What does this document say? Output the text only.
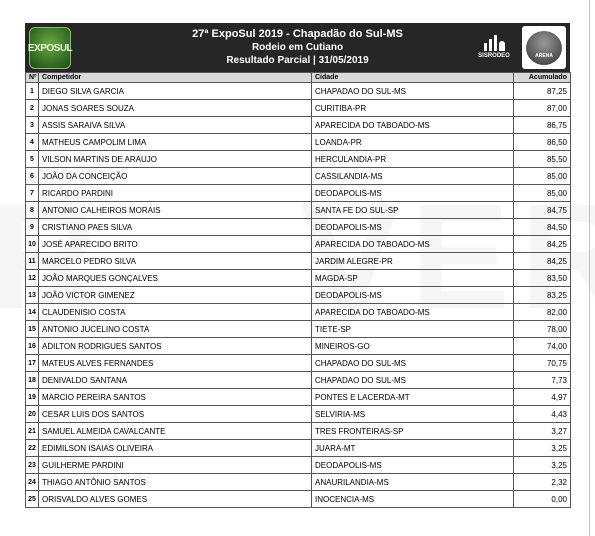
EXPOSUL
27ª ExpoSul 2019 - Chapadão do Sul-MS
Rodeio em Cutiano
Resultado Parcial | 31/05/2019	SISRODEO	ARENA
Nº	Competidor	Cidade	Acumulado
1	DIEGO SILVA GARCIA	CHAPADAO DO SUL-MS	87,25
2	JONAS SOARES SOUZA	CURITIBA-PR	87,00
3	ASSIS SARAIVA SILVA	APARECIDA DO TABOADO-MS	86,75
4	MATHEUS CAMPOLIM LIMA	LOANDA-PR	86,50
5	VILSON MARTINS DE ARAUJO	HERCULANDIA-PR	85,50
6	JOÃO DA CONCEIÇÃO	CASSILANDIA-MS	85,00
7	RICARDO PARDINI	DEODAPOLIS-MS	85,00
8	ANTONIO CALHEIROS MORAIS	SANTA FE DO SUL-SP	84,75
9	CRISTIANO PAES SILVA	DEODAPOLIS-MS	84,50
10	JOSÉ APARECIDO BRITO	APARECIDA DO TABOADO-MS	84,25
11	MARCELO PEDRO SILVA	JARDIM ALEGRE-PR	84,25
12	JOÃO MARQUES GONÇALVES	MAGDA-SP	83,50
13	JOÃO VICTOR GIMENEZ	DEODAPOLIS-MS	83,25
14	CLAUDENISIO COSTA	APARECIDA DO TABOADO-MS	82,00
15	ANTONIO JUCELINO COSTA	TIETE-SP	78,00
16	ADILTON RODRIGUES SANTOS	MINEIROS-GO	74,00
17	MATEUS ALVES FERNANDES	CHAPADAO DO SUL-MS	70,75
18	DENIVALDO SANTANA	CHAPADAO DO SUL-MS	7,73
19	MARCIO PEREIRA SANTOS	PONTES E LACERDA-MT	4,97
20	CESAR LUIS DOS SANTOS	SELVIRIA-MS	4,43
21	SAMUEL ALMEIDA CAVALCANTE	TRES FRONTEIRAS-SP	3,27
22	EDIMILSON ISAIAS OLIVEIRA	JUARA-MT	3,25
23	GUILHERME PARDINI	DEODAPOLIS-MS	3,25
24	THIAGO ANTÔNIO SANTOS	ANAURILANDIA-MS	2,32
25	ORISVALDO ALVES GOMES	INOCENCIA-MS	0,00
